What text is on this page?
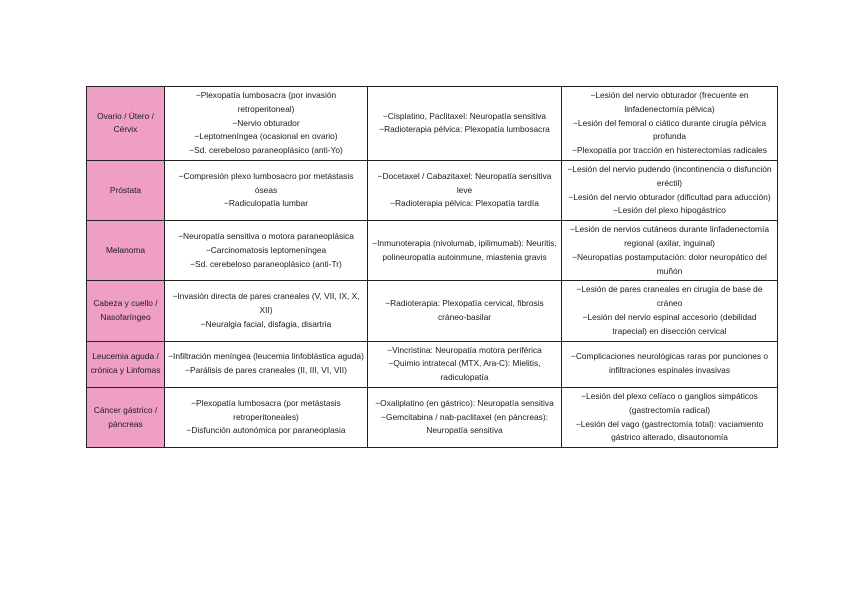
Ovario / Útero / Cérvix	−Plexopatía lumbosacra (por invasión retroperitoneal)
−Nervio obturador
−Leptomeníngea (ocasional en ovario)
−Sd. cerebeloso paraneoplásico (anti-Yo)	−Cisplatino, Paclitaxel: Neuropatía sensitiva
−Radioterapia pélvica: Plexopatía lumbosacra	−Lesión del nervio obturador (frecuente en linfadenectomía pélvica)
−Lesión del femoral o ciático durante cirugía pélvica profunda
−Plexopatía por tracción en histerectomías radicales

Próstata	−Compresión plexo lumbosacro por metástasis óseas
−Radiculopatía lumbar	−Docetaxel / Cabazitaxel: Neuropatía sensitiva leve
−Radioterapia pélvica: Plexopatía tardía	−Lesión del nervio pudendo (incontinencia o disfunción eréctil)
−Lesión del nervio obturador (dificultad para aducción)
−Lesión del plexo hipogástrico

Melanoma	−Neuropatía sensitiva o motora paraneoplásica
−Carcinomatosis leptomeníngea
−Sd. cerebeloso paraneoplásico (anti-Tr)	−Inmunoterapia (nivolumab, ipilimumab): Neuritis, polineuropatía autoinmune, miastenia gravis	−Lesión de nervios cutáneos durante linfadenectomía regional (axilar, inguinal)
−Neuropatías postamputación: dolor neuropático del muñón

Cabeza y cuello / Nasofaríngeo	−Invasión directa de pares craneales (V, VII, IX, X, XII)
−Neuralgia facial, disfagia, disartria	−Radioterapia: Plexopatía cervical, fibrosis cráneo-basilar	−Lesión de pares craneales en cirugía de base de cráneo
−Lesión del nervio espinal accesorio (debilidad trapecial) en disección cervical

Leucemia aguda / crónica y Linfomas	−Infiltración meníngea (leucemia linfoblástica aguda)
−Parálisis de pares craneales (II, III, VI, VII)	−Vincristina: Neuropatía motora periférica
−Quimio intratecal (MTX, Ara-C): Mielitis, radiculopatía	−Complicaciones neurológicas raras por punciones o infiltraciones espinales invasivas

Cáncer gástrico / páncreas	−Plexopatía lumbosacra (por metástasis retroperitoneales)
−Disfunción autonómica por paraneoplasia	−Oxaliplatino (en gástrico): Neuropatía sensitiva
−Gemcitabina / nab-paclitaxel (en páncreas): Neuropatía sensitiva	−Lesión del plexo celíaco o ganglios simpáticos (gastrectomía radical)
−Lesión del vago (gastrectomía total): vaciamiento gástrico alterado, disautonomía
